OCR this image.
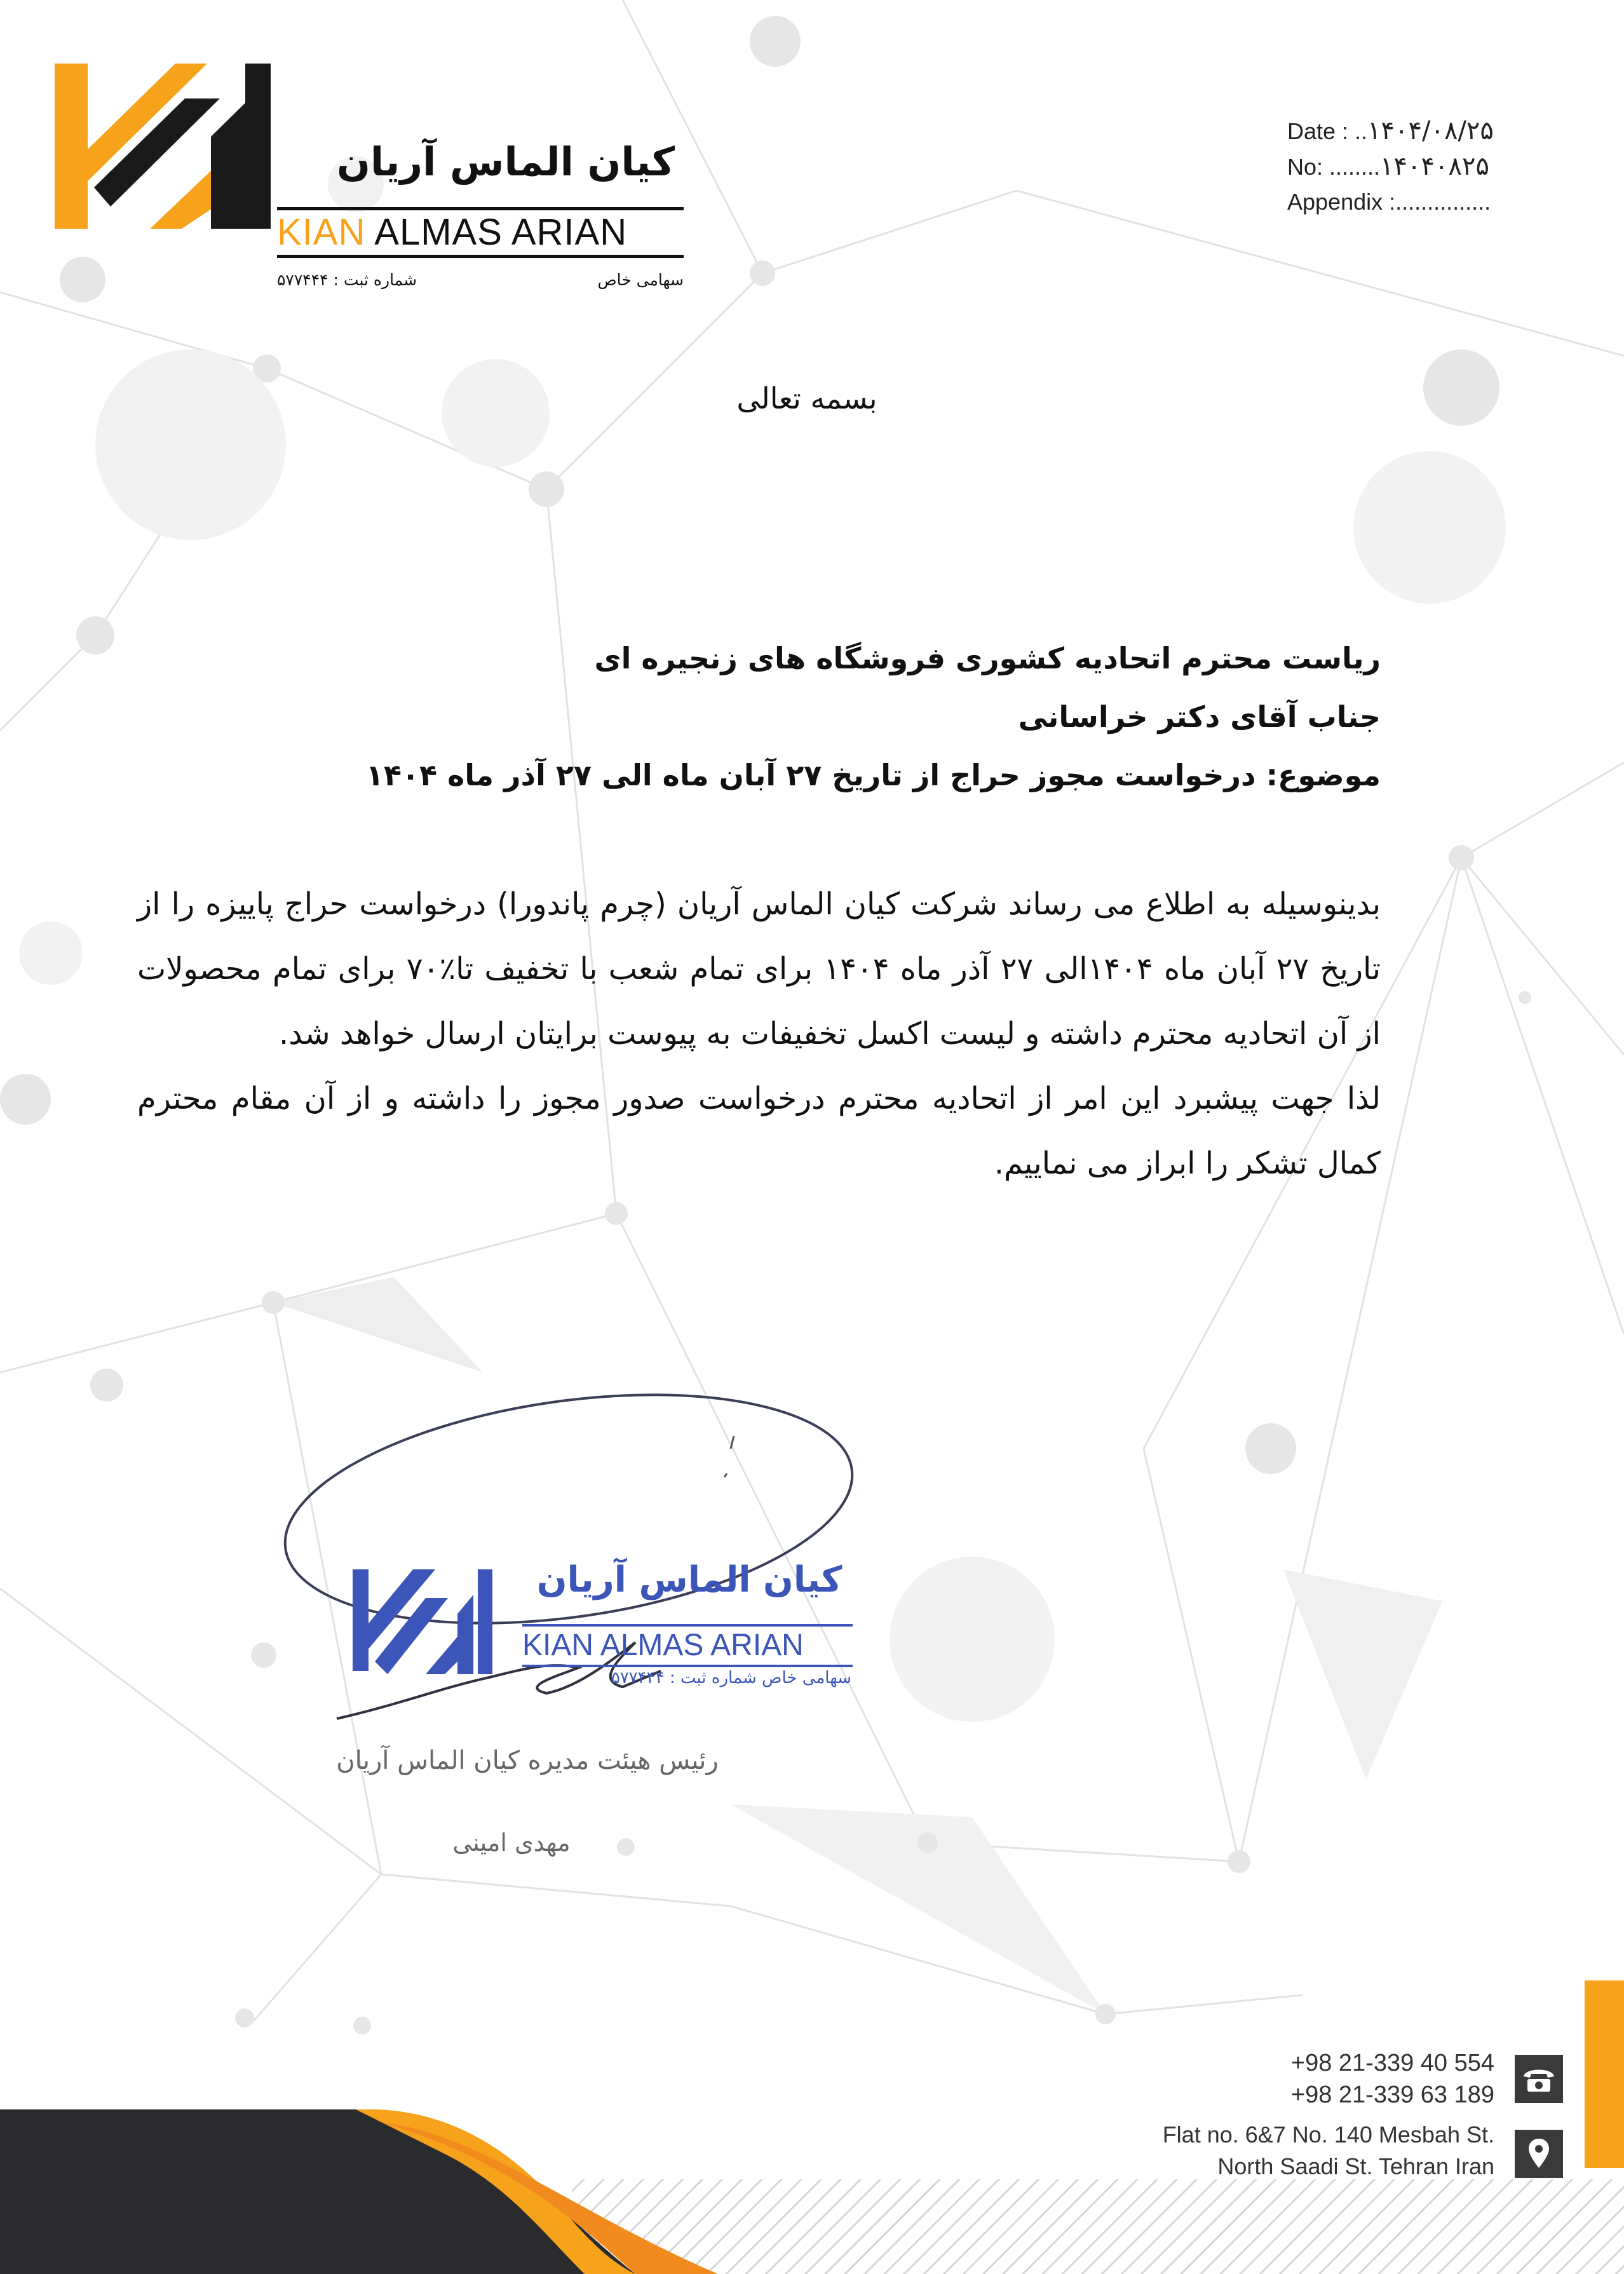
کیان الماس آریان
KIAN ALMAS ARIAN
شماره ثبت : ۵۷۷۴۴۴	سهامی خاص
Date : ..۱۴۰۴/۰۸/۲۵
No: ........۱۴۰۴۰۸۲۵
Appendix :...............
بسمه تعالی
ریاست محترم اتحادیه کشوری فروشگاه های زنجیره ای
جناب آقای دکتر خراسانی
موضوع: درخواست مجوز حراج از تاریخ ۲۷ آبان ماه الی ۲۷ آذر ماه ۱۴۰۴

بدینوسیله به اطلاع می رساند شرکت کیان الماس آریان (چرم پاندورا) درخواست حراج پاییزه را از تاریخ ۲۷ آبان ماه ۱۴۰۴الی ۲۷ آذر ماه ۱۴۰۴ برای تمام شعب با تخفیف تا٪۷۰ برای تمام محصولات از آن اتحادیه محترم داشته و لیست اکسل تخفیفات به پیوست برایتان ارسال خواهد شد.

لذا جهت پیشبرد این امر از اتحادیه محترم درخواست صدور مجوز را داشته و از آن مقام محترم کمال تشکر را ابراز می نماییم.

کیان الماس آریان
KIAN ALMAS ARIAN
سهامی خاص شماره ثبت : ۵۷۷۴۴۴
رئیس هیئت مدیره کیان الماس آریان
مهدی امینی
+98 21-339 40 554
+98 21-339 63 189
Flat no. 6&7 No. 140 Mesbah St.
North Saadi St. Tehran Iran
